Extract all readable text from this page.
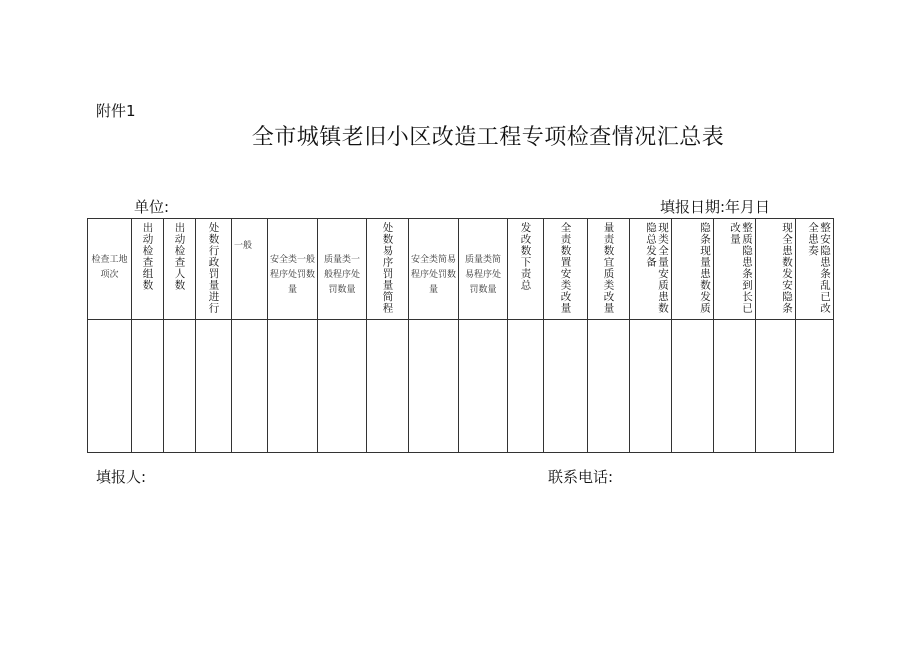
附件1
全市城镇老旧小区改造工程专项检查情况汇总表
单位:	填报日期:年月日
检查工地项次	出动检查组数	出动检查人数	处数行政罚量进行	一般	安全类一般程序处罚数量	质量类一般程序处罚数量	处数易序罚量简程	安全类简易程序处罚数量	质量类简易程序处罚数量	发改数下责总	全责数置安类改量	量责数宜质类改量	现类全量安质患数隐总发备	隐条现量患数发质	整质隐患条到长已改量	现全患数发安隐条	整安隐患条乱已改全患奏

填报人:	联系电话:
